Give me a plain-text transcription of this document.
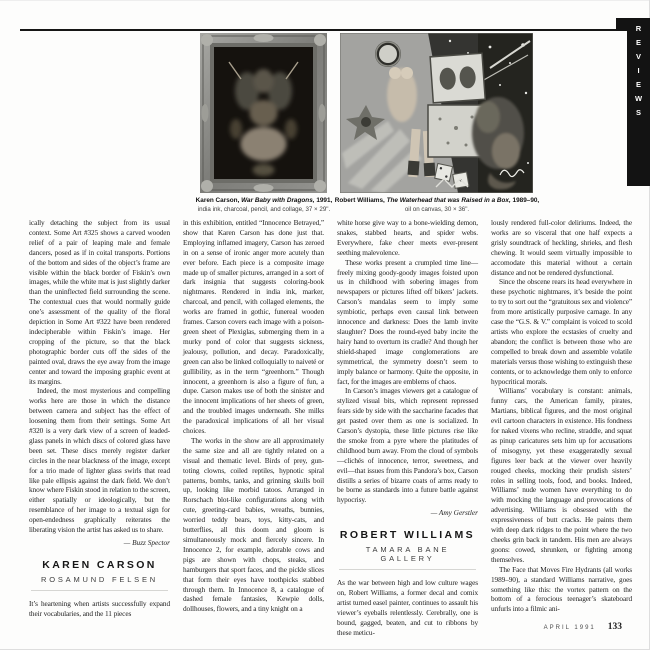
R
E
V
I
E
W
S
Karen Carson, War Baby with Dragons, 1991,
india ink, charcoal, pencil, and collage, 37 × 29".
Robert Williams, The Waterhead that was Raised in a Box, 1989–90,
oil on canvas, 30 × 36".

ically detaching the subject from its usual context. Some Art #325 shows a carved wooden relief of a pair of leaping male and female dancers, posed as if in coital transports. Portions of the bottom and sides of the object’s frame are visible within the black border of Fiskin’s own images, while the white mat is just slightly darker than the uninflected field surrounding the scene. The contextual cues that would normally guide one’s assessment of the quality of the floral depiction in Some Art #322 have been rendered indecipherable within Fiskin’s image. Her cropping of the picture, so that the black photographic border cuts off the sides of the painted oval, draws the eye away from the image center and toward the imposing graphic event at its margins.

Indeed, the most mysterious and compelling works here are those in which the distance between camera and subject has the effect of loosening them from their settings. Some Art #320 is a very dark view of a screen of leaded-glass panels in which discs of colored glass have been set. These discs merely register darker circles in the near blackness of the image, except for a trio made of lighter glass swirls that read like pale ellipsis against the dark field. We don’t know where Fiskin stood in relation to the screen, either spatially or ideologically, but the resemblance of her image to a textual sign for open-endedness graphically reiterates the liberating vision the artist has asked us to share.

— Buzz Spector

KAREN CARSON
ROSAMUND FELSEN

It’s heartening when artists successfully expand their vocabularies, and the 11 pieces

in this exhibition, entitled “Innocence Betrayed,” show that Karen Carson has done just that. Employing inflamed imagery, Carson has zeroed in on a sense of ironic anger more acutely than ever before. Each piece is a composite image made up of smaller pictures, arranged in a sort of dark insignia that suggests coloring-book nightmares. Rendered in india ink, marker, charcoal, and pencil, with collaged elements, the works are framed in gothic, funereal wooden frames. Carson covers each image with a poison-green sheet of Plexiglas, submerging them in a murky pond of color that suggests sickness, jealousy, pollution, and decay. Paradoxically, green can also be linked colloquially to naiveté or gullibility, as in the term “greenhorn.” Though innocent, a greenhorn is also a figure of fun, a dupe. Carson makes use of both the sinister and the innocent implications of her sheets of green, and the troubled images underneath. She milks the paradoxical implications of all her visual choices.

The works in the show are all approximately the same size and all are tightly related on a visual and thematic level. Birds of prey, gun-toting clowns, coiled reptiles, hypnotic spiral patterns, bombs, tanks, and grinning skulls boil up, looking like morbid tatoos. Arranged in Rorschach blot-like configurations along with cute, greeting-card babies, wreaths, bunnies, worried teddy bears, toys, kitty-cats, and butterflies, all this doom and gloom is simultaneously mock and fiercely sincere. In Innocence 2, for example, adorable cows and pigs are shown with chops, steaks, and hamburgers that sport faces, and the pickle slices that form their eyes have toothpicks stabbed through them. In Innocence 8, a catalogue of dashed female fantasies, Kewpie dolls, dollhouses, flowers, and a tiny knight on a

white horse give way to a bone-wielding demon, snakes, stabbed hearts, and spider webs. Everywhere, fake cheer meets ever-present seething malevolence.

These works present a crumpled time line—freely mixing goody-goody images foisted upon us in childhood with sobering images from newspapers or pictures lifted off bikers’ jackets. Carson’s mandalas seem to imply some symbiotic, perhaps even causal link between innocence and darkness: Does the lamb invite slaughter? Does the round-eyed baby incite the hairy hand to overturn its cradle? And though her shield-shaped image conglomerations are symmetrical, the symmetry doesn’t seem to imply balance or harmony. Quite the opposite, in fact, for the images are emblems of chaos.

In Carson’s images viewers get a catalogue of stylized visual bits, which represent repressed fears side by side with the saccharine facades that get pasted over them as one is socialized. In Carson’s dystopia, these little pictures rise like the smoke from a pyre where the platitudes of childhood burn away. From the cloud of symbols—clichés of innocence, terror, sweetness, and evil—that issues from this Pandora’s box, Carson distills a series of bizarre coats of arms ready to be borne as standards into a future battle against hypocrisy.

— Amy Gerstler

ROBERT WILLIAMS
TAMARA BANE GALLERY

As the war between high and low culture wages on, Robert Williams, a former decal and comix artist turned easel painter, continues to assault his viewer’s eyeballs relentlessly. Cerebrally, one is bound, gagged, beaten, and cut to ribbons by these meticu-

lously rendered full-color deliriums. Indeed, the works are so visceral that one half expects a grisly soundtrack of heckling, shrieks, and flesh chewing. It would seem virtually impossible to accomodate this material without a certain distance and not be rendered dysfunctional.

Since the obscene rears its head everywhere in these psychotic nightmares, it’s beside the point to try to sort out the “gratuitous sex and violence” from more artistically purposive carnage. In any case the “G.S. & V.” complaint is voiced to scold artists who explore the ecstasies of cruelty and abandon; the conflict is between those who are compelled to break down and assemble volatile materials versus those wishing to extinguish these contents, or to acknowledge them only to enforce hypocritical morals.

Williams’ vocabulary is constant: animals, funny cars, the American family, pirates, Martians, biblical figures, and the most original evil cartoon characters in existence. His fondness for naked vixens who recline, straddle, and squat as pinup caricatures sets him up for accusations of misogyny, yet these exaggeratedly sexual figures leer back at the viewer over heavily rouged cheeks, mocking their prudish sisters’ roles in selling tools, food, and books. Indeed, Williams’ nude women have everything to do with mocking the language and provocations of advertising. Williams is obsessed with the expressiveness of butt cracks. He paints them with deep dark ridges to the point where the two cheeks grin back in tandem. His men are always goons: cowed, shrunken, or fighting among themselves.

The Face that Moves Fire Hydrants (all works 1989–90), a standard Williams narrative, goes something like this: the vortex pattern on the bottom of a ferocious teenager’s skateboard unfurls into a filmic ani-

APRIL 1991 133
